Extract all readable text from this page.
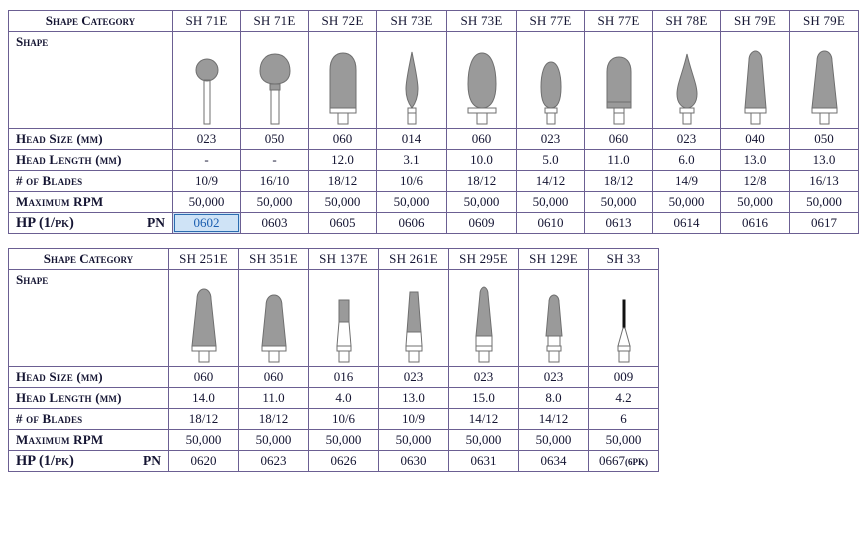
Shape Category	SH 71E	SH 71E	SH 72E	SH 73E	SH 73E	SH 77E	SH 77E	SH 78E	SH 79E	SH 79E
Shape	

Head Size (mm)	023	050	060	014	060	023	060	023	040	050
Head Length (mm)	-	-	12.0	3.1	10.0	5.0	11.0	6.0	13.0	13.0
# of Blades	10/9	16/10	18/12	10/6	18/12	14/12	18/12	14/9	12/8	16/13
Maximum RPM	50,000	50,000	50,000	50,000	50,000	50,000	50,000	50,000	50,000	50,000

HP (1/pk) PN	0602	0603	0605	0606	0609	0610	0613	0614	0616	0617
Shape Category	SH 251E	SH 351E	SH 137E	SH 261E	SH 295E	SH 129E	SH 33
Shape	

Head Size (mm)	060	060	016	023	023	023	009
Head Length (mm)	14.0	11.0	4.0	13.0	15.0	8.0	4.2
# of Blades	18/12	18/12	10/6	10/9	14/12	14/12	6
Maximum RPM	50,000	50,000	50,000	50,000	50,000	50,000	50,000

HP (1/pk) PN	0620	0623	0626	0630	0631	0634	0667(6PK)
